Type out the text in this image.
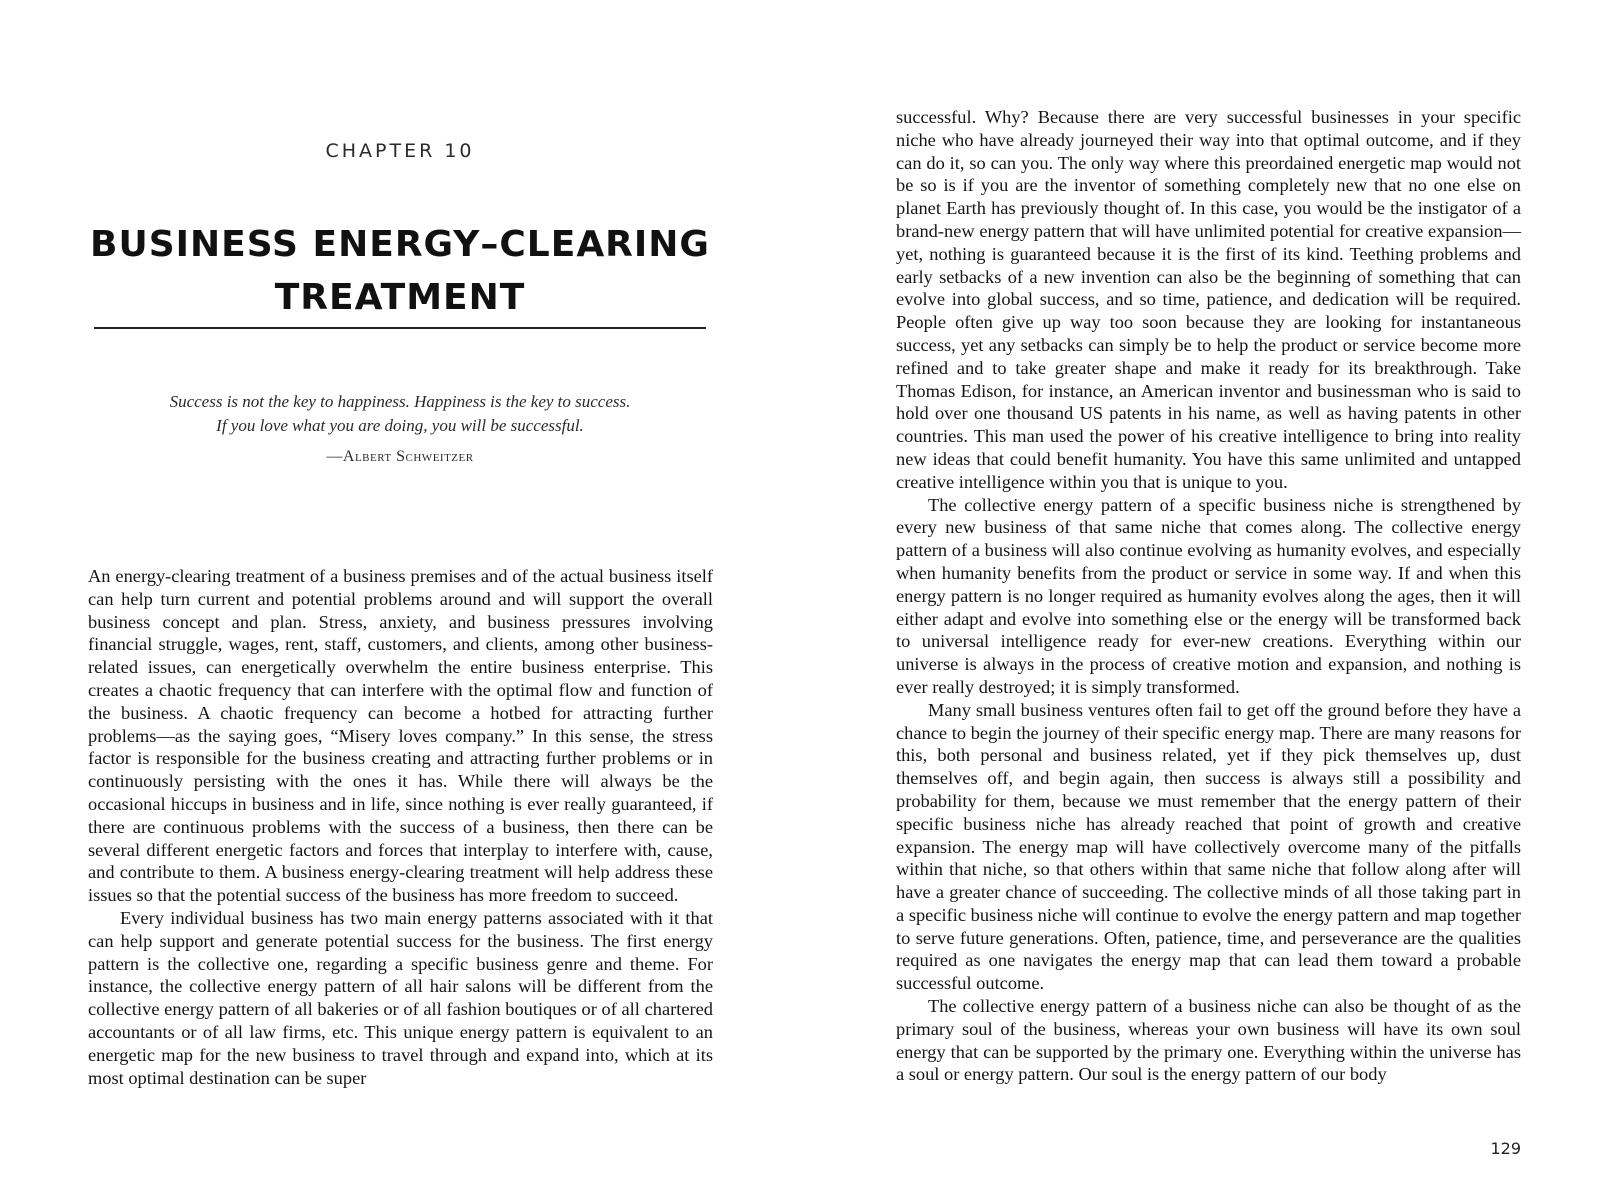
CHAPTER 10
BUSINESS ENERGY–CLEARING TREATMENT
Success is not the key to happiness. Happiness is the key to success.
If you love what you are doing, you will be successful.
—Albert Schweitzer

An energy-clearing treatment of a business premises and of the actual business itself can help turn current and potential problems around and will support the overall business concept and plan. Stress, anxiety, and business pressures involving financial struggle, wages, rent, staff, customers, and clients, among other business-related issues, can energetically overwhelm the entire business enterprise. This creates a chaotic frequency that can interfere with the optimal flow and function of the business. A chaotic frequency can become a hotbed for attracting further problems—as the saying goes, “Misery loves company.” In this sense, the stress factor is responsible for the business creating and attracting further problems or in continuously persisting with the ones it has. While there will always be the occasional hiccups in business and in life, since nothing is ever really guaranteed, if there are continuous problems with the success of a business, then there can be several different energetic factors and forces that interplay to interfere with, cause, and contribute to them. A business energy-clearing treatment will help address these issues so that the potential success of the business has more freedom to succeed.

Every individual business has two main energy patterns associated with it that can help support and generate potential success for the business. The first energy pattern is the collective one, regarding a specific business genre and theme. For instance, the collective energy pattern of all hair salons will be different from the collective energy pattern of all bakeries or of all fashion boutiques or of all chartered accountants or of all law firms, etc. This unique energy pattern is equivalent to an energetic map for the new business to travel through and expand into, which at its most optimal destination can be super

successful. Why? Because there are very successful businesses in your specific niche who have already journeyed their way into that optimal outcome, and if they can do it, so can you. The only way where this preordained energetic map would not be so is if you are the inventor of something completely new that no one else on planet Earth has previously thought of. In this case, you would be the instigator of a brand-new energy pattern that will have unlimited potential for creative expansion—yet, nothing is guaranteed because it is the first of its kind. Teething problems and early setbacks of a new invention can also be the beginning of something that can evolve into global success, and so time, patience, and dedication will be required. People often give up way too soon because they are looking for instantaneous success, yet any setbacks can simply be to help the product or service become more refined and to take greater shape and make it ready for its breakthrough. Take Thomas Edison, for instance, an American inventor and businessman who is said to hold over one thousand US patents in his name, as well as having patents in other countries. This man used the power of his creative intelligence to bring into reality new ideas that could benefit humanity. You have this same unlimited and untapped creative intelligence within you that is unique to you.

The collective energy pattern of a specific business niche is strengthened by every new business of that same niche that comes along. The collective energy pattern of a business will also continue evolving as humanity evolves, and especially when humanity benefits from the product or service in some way. If and when this energy pattern is no longer required as humanity evolves along the ages, then it will either adapt and evolve into something else or the energy will be transformed back to universal intelligence ready for ever-new creations. Everything within our universe is always in the process of creative motion and expansion, and nothing is ever really destroyed; it is simply transformed.

Many small business ventures often fail to get off the ground before they have a chance to begin the journey of their specific energy map. There are many reasons for this, both personal and business related, yet if they pick themselves up, dust themselves off, and begin again, then success is always still a possibility and probability for them, because we must remember that the energy pattern of their specific business niche has already reached that point of growth and creative expansion. The energy map will have collectively overcome many of the pitfalls within that niche, so that others within that same niche that follow along after will have a greater chance of succeeding. The collective minds of all those taking part in a specific business niche will continue to evolve the energy pattern and map together to serve future generations. Often, patience, time, and perseverance are the qualities required as one navigates the energy map that can lead them toward a probable successful outcome.

The collective energy pattern of a business niche can also be thought of as the primary soul of the business, whereas your own business will have its own soul energy that can be supported by the primary one. Everything within the universe has a soul or energy pattern. Our soul is the energy pattern of our body

129
